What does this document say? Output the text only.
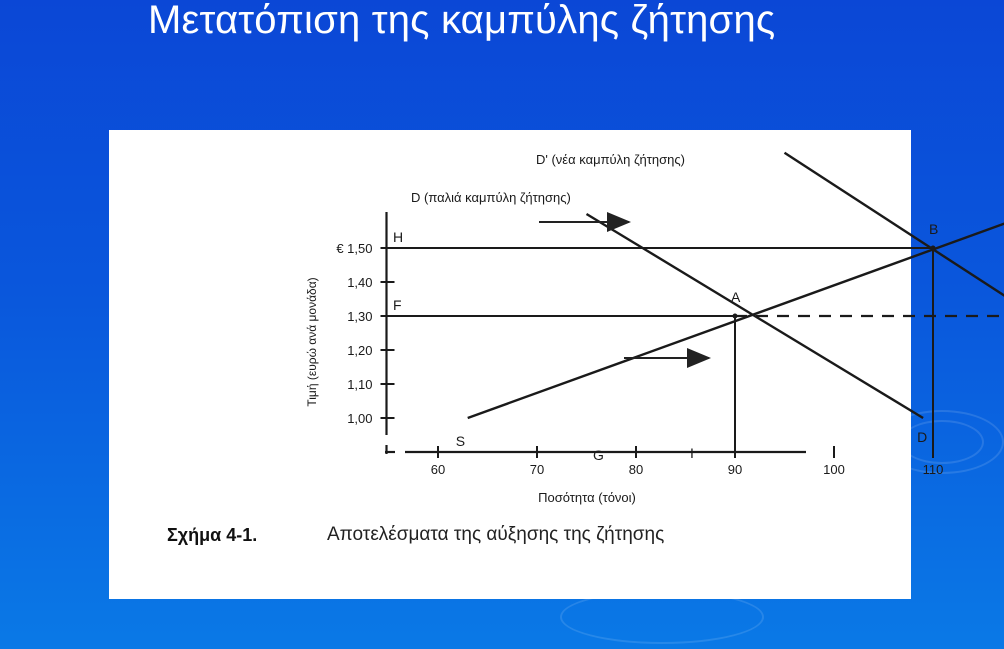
Μετατόπιση της καμπύλης ζήτησης
60	70	80	90	100	110
1,00
1,10
1,20
1,30
1,40
€ 1,50
S	D
Τιμή (ευρώ ανά μονάδα)
Ποσότητα (τόνοι)
D (παλιά καμπύλη ζήτησης)
D' (νέα καμπύλη ζήτησης)
H
F
G	I
A
B
Σχήμα 4-1.	Αποτελέσματα της αύξησης της ζήτησης
